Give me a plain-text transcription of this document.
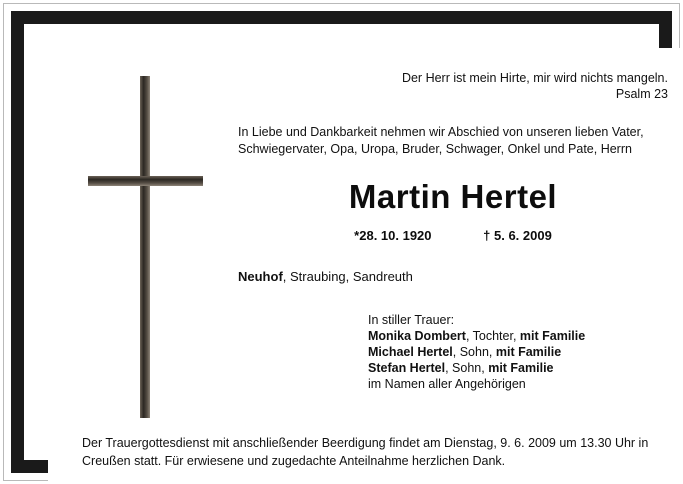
Der Herr ist mein Hirte, mir wird nichts mangeln.
Psalm 23
In Liebe und Dankbarkeit nehmen wir Abschied von unseren lieben Vater, Schwiegervater, Opa, Uropa, Bruder, Schwager, Onkel und Pate, Herrn
Martin Hertel
*28. 10. 1920	† 5. 6. 2009
Neuhof, Straubing, Sandreuth
In stiller Trauer:
Monika Dombert, Tochter, mit Familie
Michael Hertel, Sohn, mit Familie
Stefan Hertel, Sohn, mit Familie
im Namen aller Angehörigen
Der Trauergottesdienst mit anschließender Beerdigung findet am Dienstag, 9. 6. 2009 um 13.30 Uhr in Creußen statt. Für erwiesene und zugedachte Anteilnahme herzlichen Dank.
